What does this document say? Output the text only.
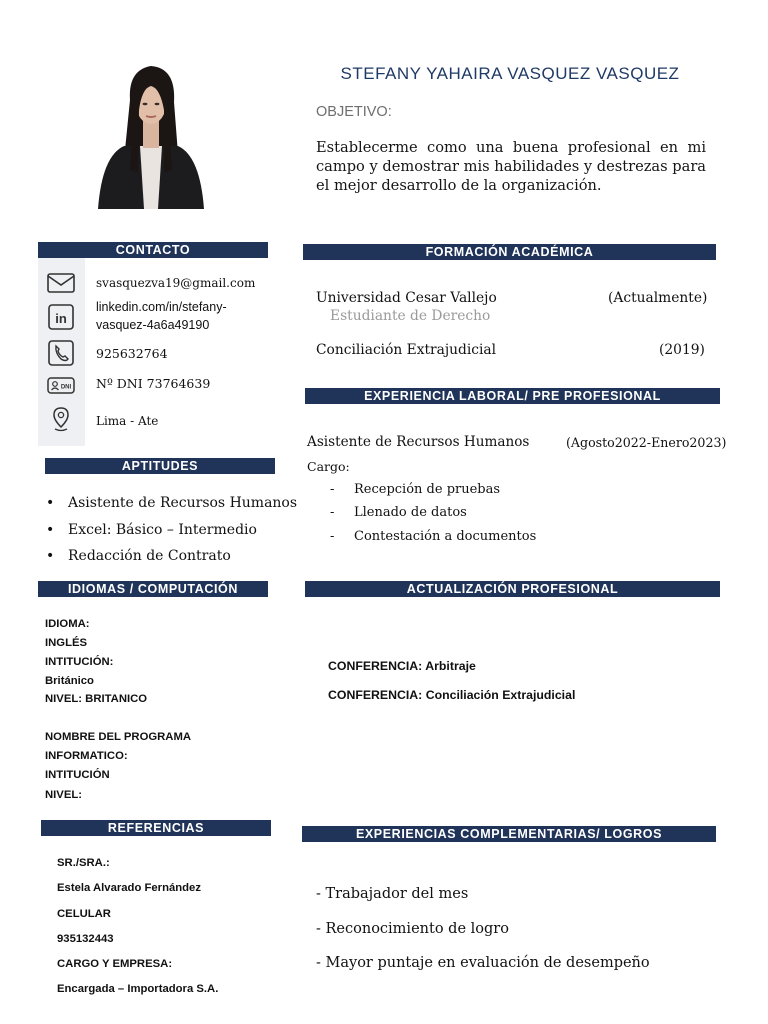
STEFANY YAHAIRA VASQUEZ VASQUEZ
OBJETIVO:
Establecerme como una buena profesional en mi campo y demostrar mis habilidades y destrezas para el mejor desarrollo de la organización.
CONTACTO
svasquezva19@gmail.com
in
linkedin.com/in/stefany-
vasquez-4a6a49190
925632764
DNI Nº DNI 73764639
Lima - Ate
APTITUDES
• Asistente de Recursos Humanos
• Excel: Básico – Intermedio
• Redacción de Contrato
IDIOMAS / COMPUTACIÓN
IDIOMA:
INGLÉS
INTITUCIÓN:
Británico
NIVEL: BRITANICO
NOMBRE DEL PROGRAMA
INFORMATICO:
INTITUCIÓN
NIVEL:
REFERENCIAS
SR./SRA.:
Estela Alvarado Fernández
CELULAR
935132443
CARGO Y EMPRESA:
Encargada – Importadora S.A.
FORMACIÓN ACADÉMICA
Universidad Cesar Vallejo	(Actualmente)
Estudiante de Derecho
Conciliación Extrajudicial	(2019)
EXPERIENCIA LABORAL/ PRE PROFESIONAL
Asistente de Recursos Humanos	(Agosto2022-Enero2023)
Cargo:
- Recepción de pruebas
- Llenado de datos
- Contestación a documentos
ACTUALIZACIÓN PROFESIONAL
CONFERENCIA: Arbitraje
CONFERENCIA: Conciliación Extrajudicial
EXPERIENCIAS COMPLEMENTARIAS/ LOGROS
- Trabajador del mes
- Reconocimiento de logro
- Mayor puntaje en evaluación de desempeño
